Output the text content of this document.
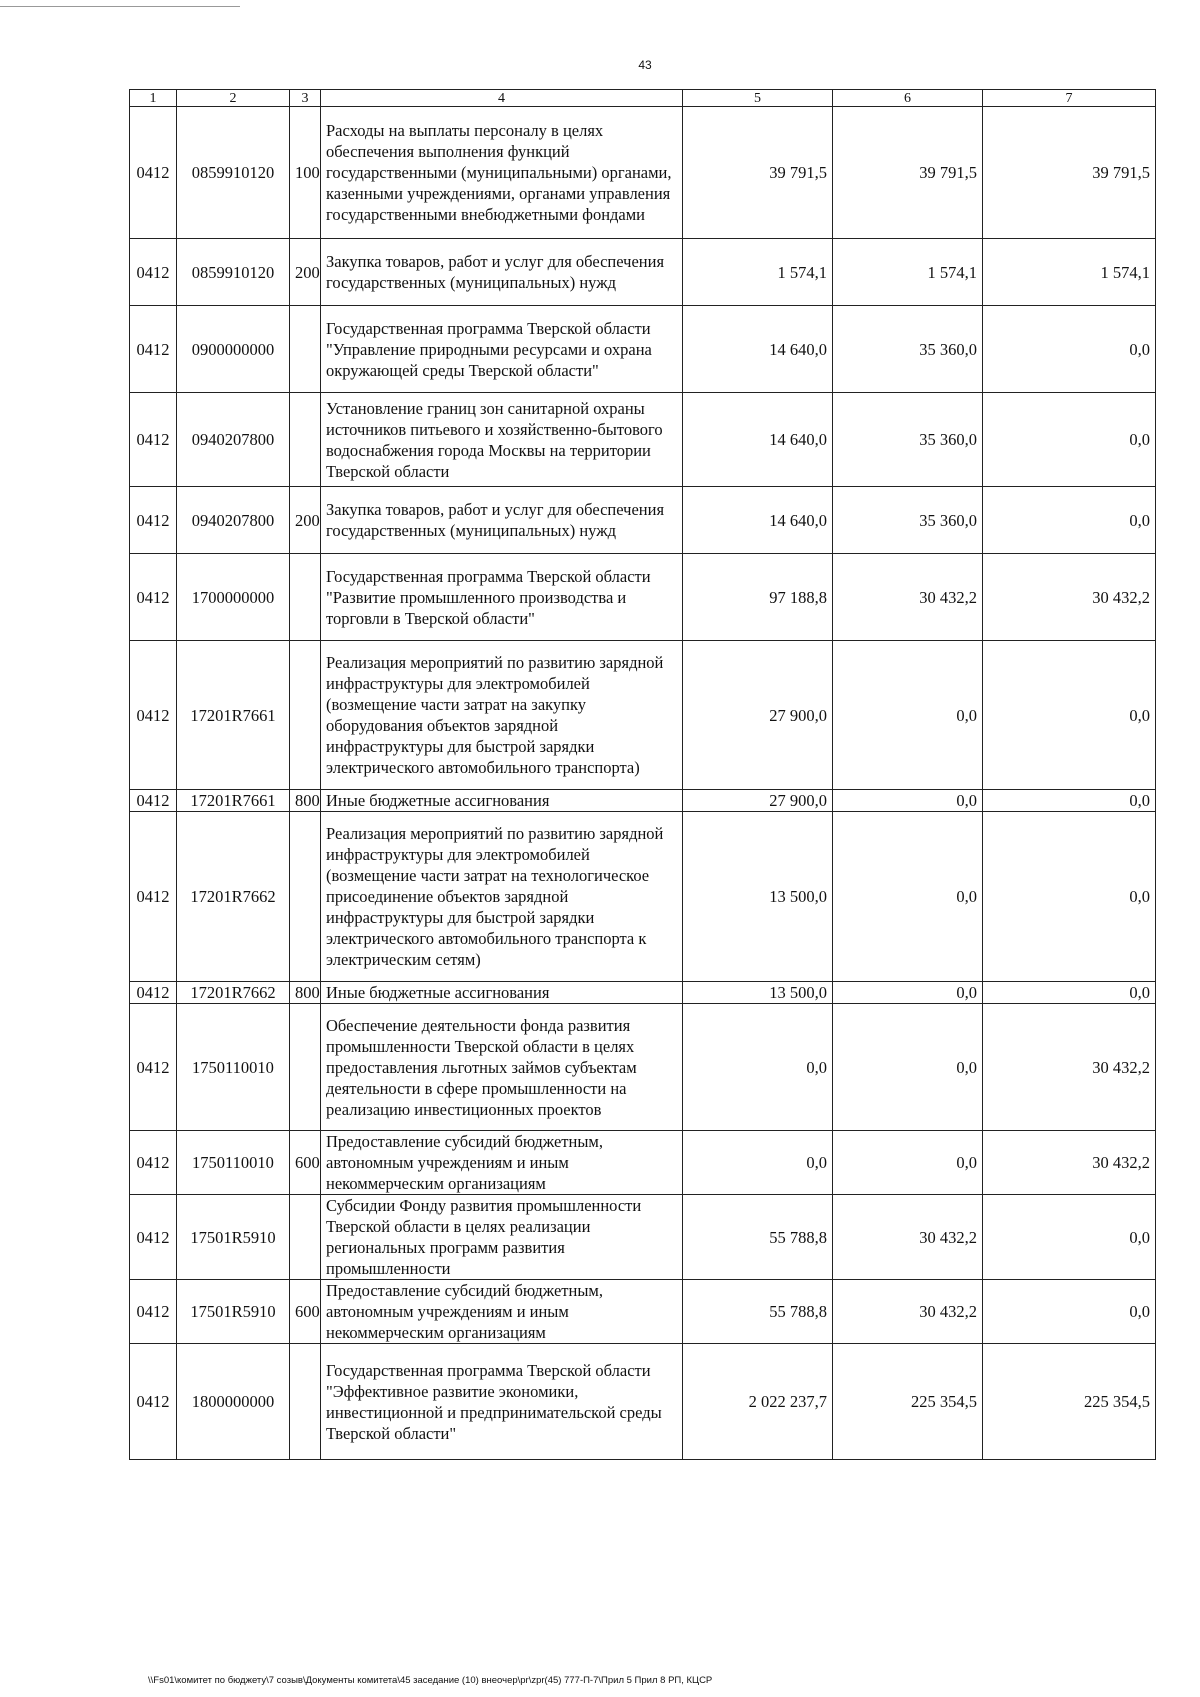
43
1	2	3	4	5	6	7
0412	0859910120	100	Расходы на выплаты персоналу в целях обеспечения выполнения функций государственными (муниципальными) органами, казенными учреждениями, органами управления государственными внебюджетными фондами	39 791,5	39 791,5	39 791,5
0412	0859910120	200	Закупка товаров, работ и услуг для обеспечения государственных (муниципальных) нужд	1 574,1	1 574,1	1 574,1
0412	0900000000		Государственная программа Тверской области "Управление природными ресурсами и охрана окружающей среды Тверской области"	14 640,0	35 360,0	0,0
0412	0940207800		Установление границ зон санитарной охраны источников питьевого и хозяйственно-бытового водоснабжения города Москвы на территории Тверской области	14 640,0	35 360,0	0,0
0412	0940207800	200	Закупка товаров, работ и услуг для обеспечения государственных (муниципальных) нужд	14 640,0	35 360,0	0,0
0412	1700000000		Государственная программа Тверской области "Развитие промышленного производства и торговли в Тверской области"	97 188,8	30 432,2	30 432,2
0412	17201R7661		Реализация мероприятий по развитию зарядной инфраструктуры для электромобилей (возмещение части затрат на закупку оборудования объектов зарядной инфраструктуры для быстрой зарядки электрического автомобильного транспорта)	27 900,0	0,0	0,0
0412	17201R7661	800	Иные бюджетные ассигнования	27 900,0	0,0	0,0
0412	17201R7662		Реализация мероприятий по развитию зарядной инфраструктуры для электромобилей (возмещение части затрат на технологическое присоединение объектов зарядной инфраструктуры для быстрой зарядки электрического автомобильного транспорта к электрическим сетям)	13 500,0	0,0	0,0
0412	17201R7662	800	Иные бюджетные ассигнования	13 500,0	0,0	0,0
0412	1750110010		Обеспечение деятельности фонда развития промышленности Тверской области в целях предоставления льготных займов субъектам деятельности в сфере промышленности на реализацию инвестиционных проектов	0,0	0,0	30 432,2
0412	1750110010	600	Предоставление субсидий бюджетным, автономным учреждениям и иным некоммерческим организациям	0,0	0,0	30 432,2
0412	17501R5910		Субсидии Фонду развития промышленности Тверской области в целях реализации региональных программ развития промышленности	55 788,8	30 432,2	0,0
0412	17501R5910	600	Предоставление субсидий бюджетным, автономным учреждениям и иным некоммерческим организациям	55 788,8	30 432,2	0,0
0412	1800000000		Государственная программа Тверской области "Эффективное развитие экономики, инвестиционной и предпринимательской среды Тверской области"	2 022 237,7	225 354,5	225 354,5
\\Fs01\комитет по бюджету\7 созыв\Документы комитета\45 заседание (10) внеочер\pr\zpr(45) 777-П-7\Прил 5 Прил 8 РП, КЦСР
